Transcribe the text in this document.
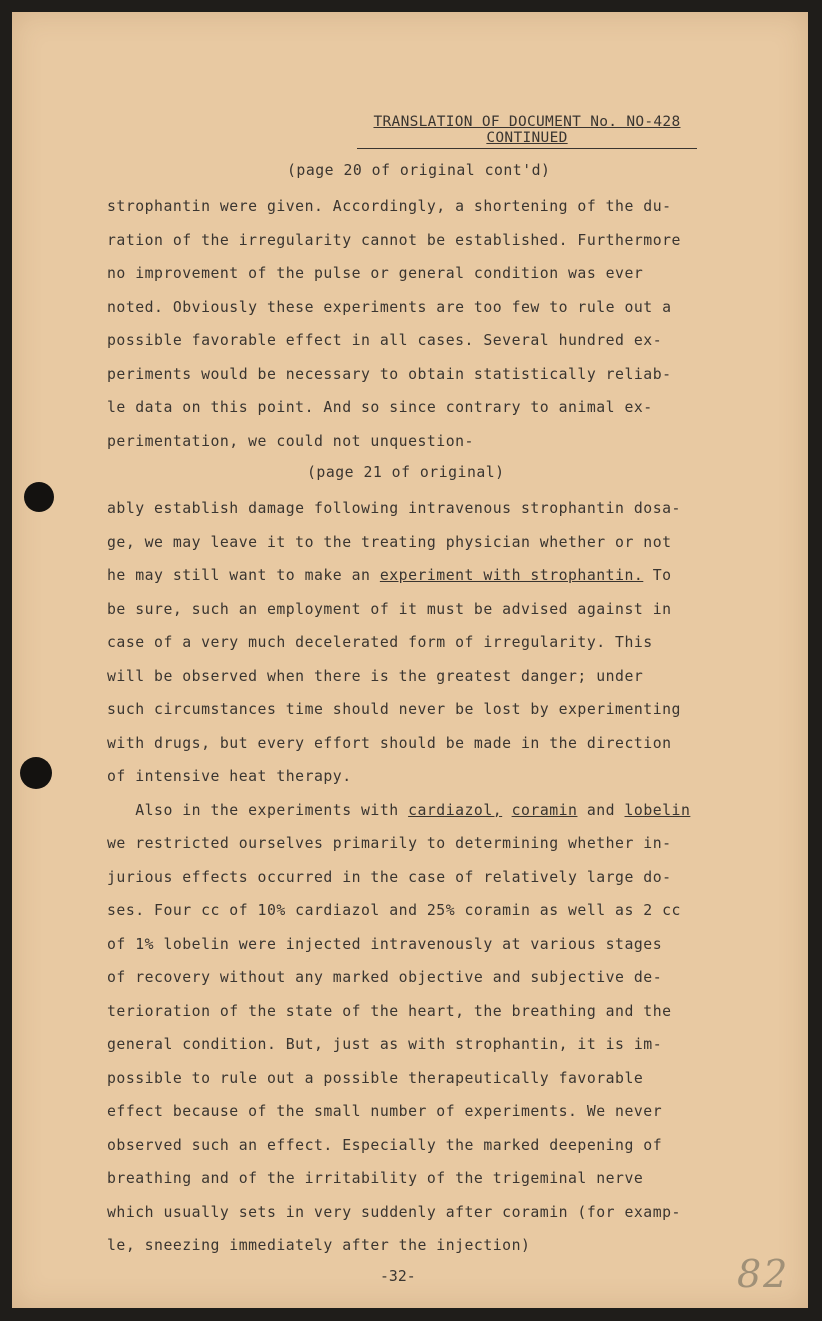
TRANSLATION OF DOCUMENT No. NO-428
CONTINUED
(page 20 of original cont'd)
strophantin were given. Accordingly, a shortening of the du-
ration of the irregularity cannot be established. Furthermore
no improvement of the pulse or general condition was ever
noted. Obviously these experiments are too few to rule out a
possible favorable effect in all cases. Several hundred ex-
periments would be necessary to obtain statistically reliab-
le data on this point. And so since contrary to animal ex-
perimentation, we could not unquestion-
(page 21 of original)
ably establish damage following intravenous strophantin dosa-
ge, we may leave it to the treating physician whether or not
he may still want to make an experiment with strophantin. To
be sure, such an employment of it must be advised against in
case of a very much decelerated form of irregularity. This
will be observed when there is the greatest danger; under
such circumstances time should never be lost by experimenting
with drugs, but every effort should be made in the direction
of intensive heat therapy.
Also in the experiments with cardiazol, coramin and lobelin
we restricted ourselves primarily to determining whether in-
jurious effects occurred in the case of relatively large do-
ses. Four cc of 10% cardiazol and 25% coramin as well as 2 cc
of 1% lobelin were injected intravenously at various stages
of recovery without any marked objective and subjective de-
terioration of the state of the heart, the breathing and the
general condition. But, just as with strophantin, it is im-
possible to rule out a possible therapeutically favorable
effect because of the small number of experiments. We never
observed such an effect. Especially the marked deepening of
breathing and of the irritability of the trigeminal nerve
which usually sets in very suddenly after coramin (for examp-
le, sneezing immediately after the injection)
-32-	82
